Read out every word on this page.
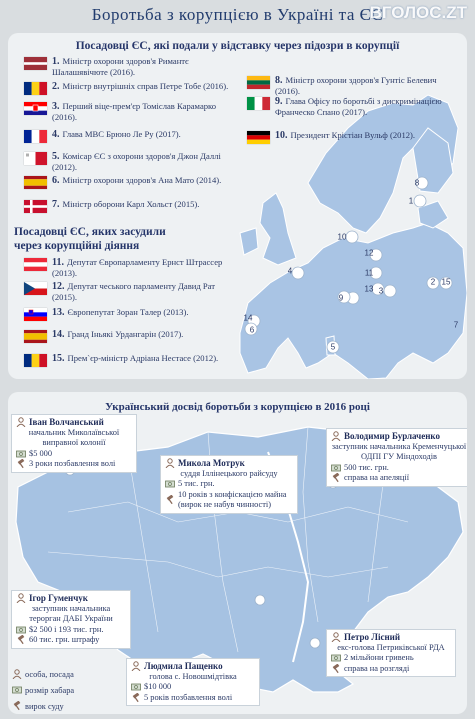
Боротьба з корупцією в Україні та ЄС
ВГОЛОС.ZT
1
8
2 15
4
10
12
11
9
13 3
14
6
5
7
Посадовці ЄС, які подали у відставку через підозри в корупції
Посадовці ЄС, яких засудили
через корупційні діяння
1. Міністр охорони здоров'я Римантє Шалашявічюте (2016).
2. Міністр внутрішніх справ Петре Тобе (2016).
3. Перший віце-прем'єр Томіслав Карамарко (2016).
4. Глава МВС Брюно Ле Ру (2017).
5. Комісар ЄС з охорони здоров'я Джон Даллі (2012).
6. Міністр охорони здоров'я Ана Мато (2014).
7. Міністр оборони Карл Хольст (2015).
8. Міністр охорони здоров'я Гунтіс Белевич (2016).
9. Глава Офісу по боротьбі з дискримінацією Франческо Спано (2017).
10. Президент Крістіан Вульф (2012).
11. Депутат Європарламенту Ернст Штрассер (2013).
12. Депутат чеського парламенту Давид Рат (2015).
13. Європепутат Зоран Талер (2013).
14. Гранд Іньякі Урдангарін (2017).
15. Прем`єр-міністр Адріана Нестасе (2012).
Український досвід боротьби з корупцією в 2016 році
Іван Волчанський
начальник Миколаївської виправної колонії
$5 000
3 роки позбавлення волі	Микола Мотрук
суддя Іллінецького райсуду
5 тис. грн.
10 років з конфіскацією майна (вирок не набув чинності)
Володимир Бурлаченко
заступник начальника Кременчуцької ОДПІ ГУ Міндоходів
500 тис. грн.
справа на апеляції
Ігор Гуменчук
заступник начальника терорган ДАБІ України
$2 500 і 193 тис. грн.
60 тис. грн. штрафу
Людмила Пащенко
голова с. Новошмідтівка
$10 000
5 років позбавлення волі
Петро Лісний
екс-голова Петриківської РДА
2 мільйони гривень
справа на розгляді
особа, посада
розмір хабара
вирок суду
